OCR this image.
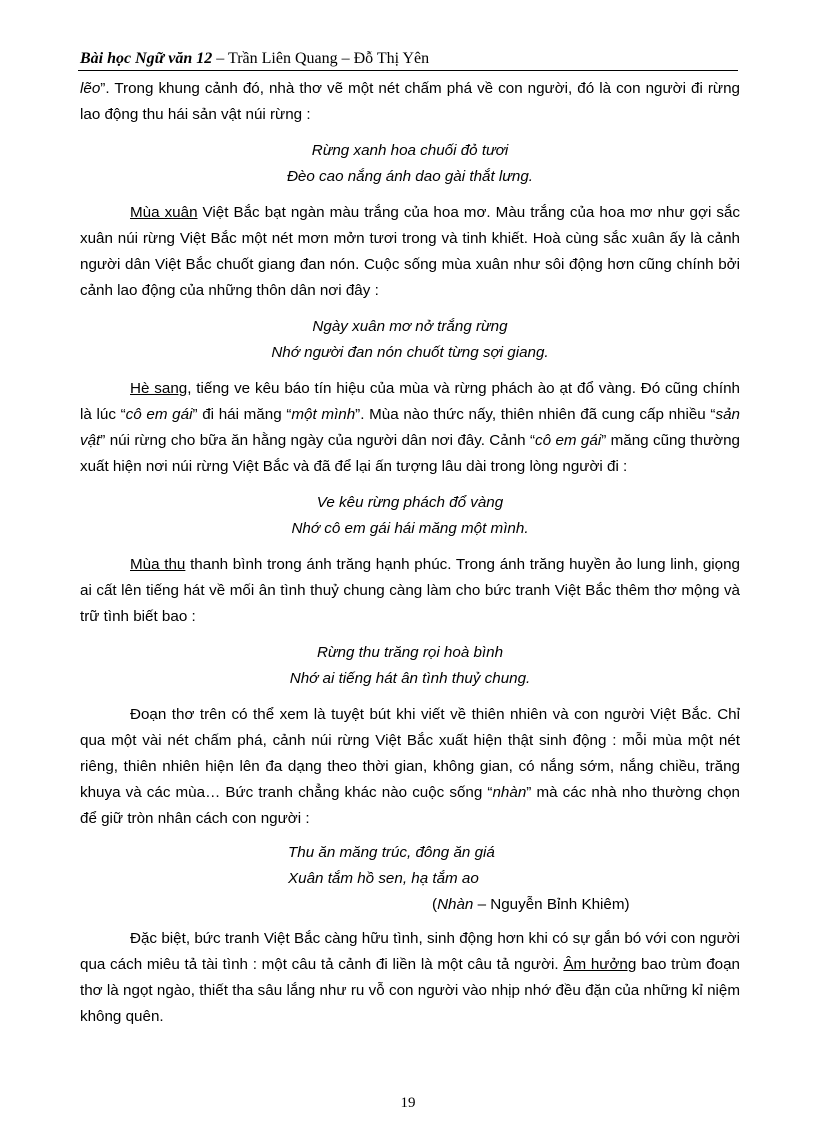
Bài học Ngữ văn 12 – Trần Liên Quang – Đỗ Thị Yên

lẽo”. Trong khung cảnh đó, nhà thơ vẽ một nét chấm phá về con người, đó là con người đi rừng lao động thu hái sản vật núi rừng :

Rừng xanh hoa chuối đỏ tươi
Đèo cao nắng ánh dao gài thắt lưng.

Mùa xuân Việt Bắc bạt ngàn màu trắng của hoa mơ. Màu trắng của hoa mơ như gợi sắc xuân núi rừng Việt Bắc một nét mơn mởn tươi trong và tinh khiết. Hoà cùng sắc xuân ấy là cảnh người dân Việt Bắc chuốt giang đan nón. Cuộc sống mùa xuân như sôi động hơn cũng chính bởi cảnh lao động của những thôn dân nơi đây :

Ngày xuân mơ nở trắng rừng
Nhớ người đan nón chuốt từng sợi giang.

Hè sang, tiếng ve kêu báo tín hiệu của mùa và rừng phách ào ạt đổ vàng. Đó cũng chính là lúc “cô em gái” đi hái măng “một mình”. Mùa nào thức nấy, thiên nhiên đã cung cấp nhiều “sản vật” núi rừng cho bữa ăn hằng ngày của người dân nơi đây. Cảnh “cô em gái” măng cũng thường xuất hiện nơi núi rừng Việt Bắc và đã để lại ấn tượng lâu dài trong lòng người đi :

Ve kêu rừng phách đổ vàng
Nhớ cô em gái hái măng một mình.

Mùa thu thanh bình trong ánh trăng hạnh phúc. Trong ánh trăng huyền ảo lung linh, giọng ai cất lên tiếng hát về mối ân tình thuỷ chung càng làm cho bức tranh Việt Bắc thêm thơ mộng và trữ tình biết bao :

Rừng thu trăng rọi hoà bình
Nhớ ai tiếng hát ân tình thuỷ chung.

Đoạn thơ trên có thể xem là tuyệt bút khi viết về thiên nhiên và con người Việt Bắc. Chỉ qua một vài nét chấm phá, cảnh núi rừng Việt Bắc xuất hiện thật sinh động : mỗi mùa một nét riêng, thiên nhiên hiện lên đa dạng theo thời gian, không gian, có nắng sớm, nắng chiều, trăng khuya và các mùa… Bức tranh chẳng khác nào cuộc sống “nhàn” mà các nhà nho thường chọn để giữ tròn nhân cách con người :

Thu ăn măng trúc, đông ăn giá
Xuân tắm hồ sen, hạ tắm ao
(Nhàn – Nguyễn Bỉnh Khiêm)

Đặc biệt, bức tranh Việt Bắc càng hữu tình, sinh động hơn khi có sự gắn bó với con người qua cách miêu tả tài tình : một câu tả cảnh đi liền là một câu tả người. Âm hưởng bao trùm đoạn thơ là ngọt ngào, thiết tha sâu lắng như ru vỗ con người vào nhịp nhớ đều đặn của những kỉ niệm không quên.

19
